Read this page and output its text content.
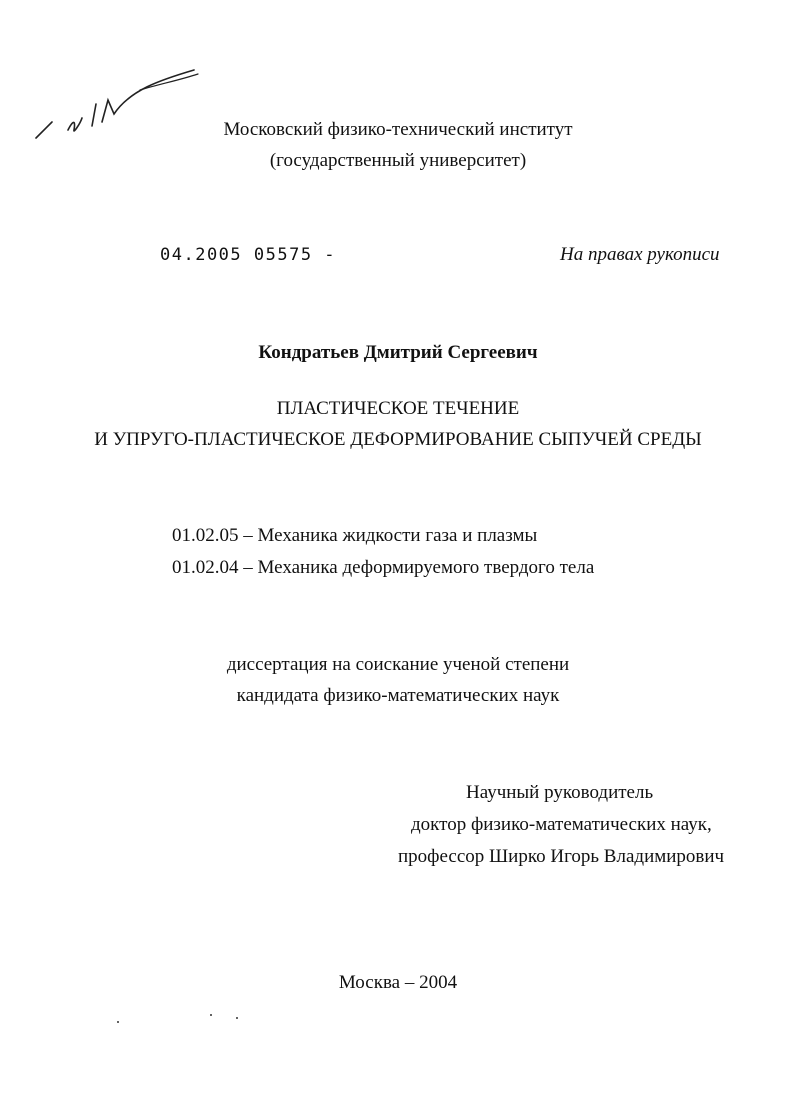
Московский физико-технический институт
(государственный университет)
04.2005 05575 -	На правах рукописи
Кондратьев Дмитрий Сергеевич
ПЛАСТИЧЕСКОЕ ТЕЧЕНИЕ
И УПРУГО-ПЛАСТИЧЕСКОЕ ДЕФОРМИРОВАНИЕ СЫПУЧЕЙ СРЕДЫ
01.02.05 – Механика жидкости газа и плазмы
01.02.04 – Механика деформируемого твердого тела
диссертация на соискание ученой степени
кандидата физико-математических наук
Научный руководитель
доктор физико-математических наук,
профессор Ширко Игорь Владимирович
Москва – 2004
